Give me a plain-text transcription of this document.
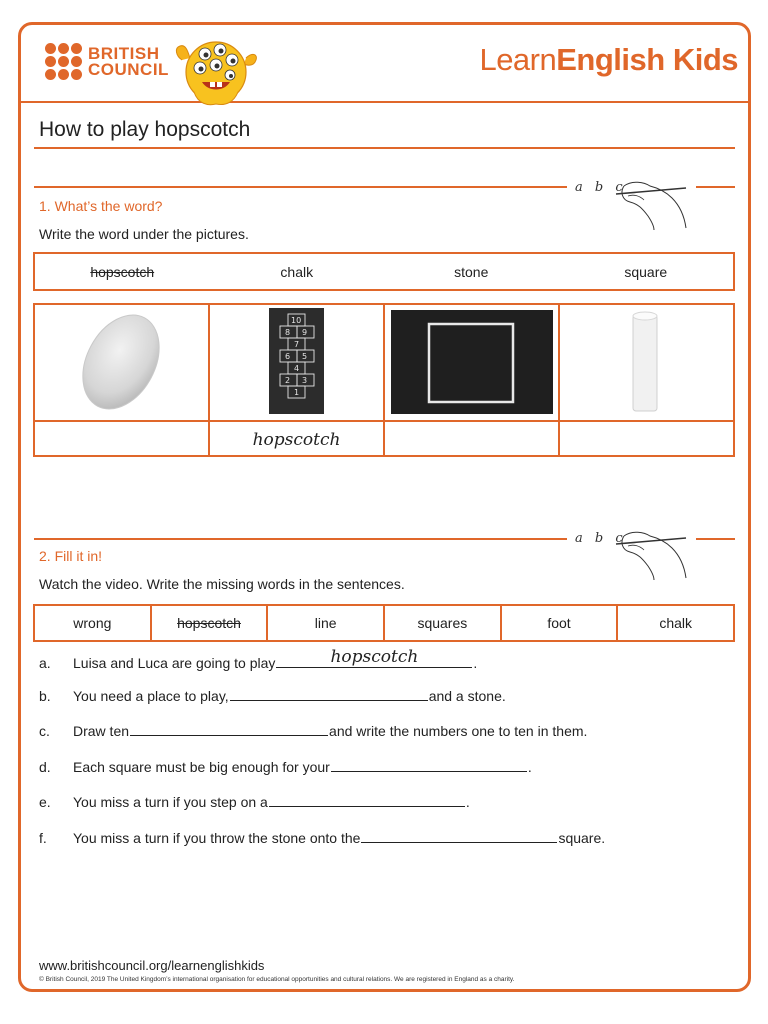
BRITISH
COUNCIL	LearnEnglish Kids
How to play hopscotch
a b c
1. What’s the word?
Write the word under the pictures.
hopscotch	chalk	stone	square
10
8 9
7
6 5
4
2 3
1
hopscotch
a b c
2. Fill it in!
Watch the video. Write the missing words in the sentences.
wrong	hopscotch	line	squares	foot	chalk
a.	Luisa and Luca are going to play	hopscotch	.
b.	You need a place to play,	and a stone.
c.	Draw ten	and write the numbers one to ten in them.
d.	Each square must be big enough for your	.
e.	You miss a turn if you step on a	.
f.	You miss a turn if you throw the stone onto the	square.
www.britishcouncil.org/learnenglishkids
© British Council, 2019 The United Kingdom’s international organisation for educational opportunities and cultural relations. We are registered in England as a charity.
